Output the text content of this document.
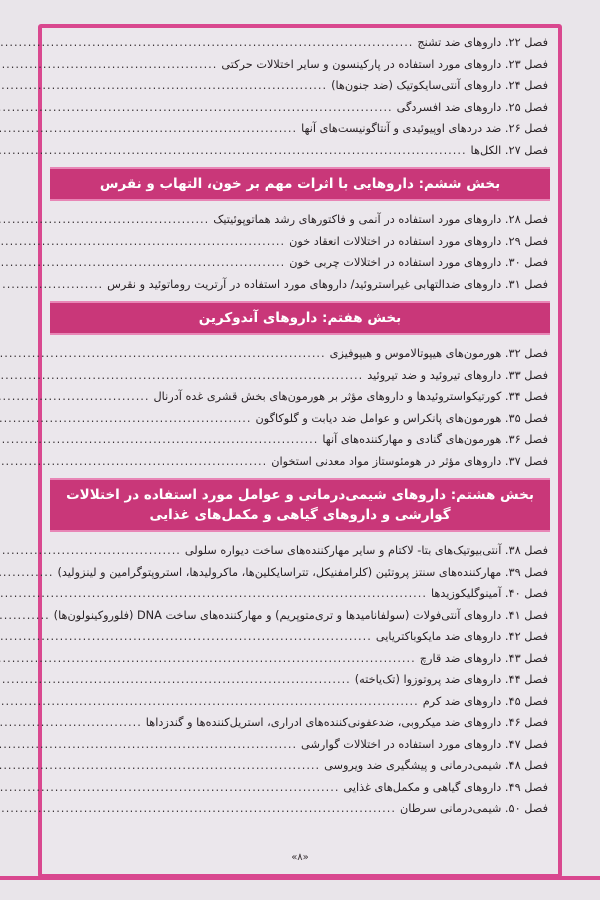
فصل ۲۲. داروهای ضد تشنج
.....
فصل ۲۳. داروهای مورد استفاده در پارکینسون و سایر اختلالات حرکتی
.....
فصل ۲۴. داروهای آنتی‌سایکوتیک (ضد جنون‌ها)
.....
فصل ۲۵. داروهای ضد افسردگی
.....
فصل ۲۶. ضد دردهای اوپیوئیدی و آنتاگونیست‌های آنها
.....
فصل ۲۷. الکل‌ها
.....
بخش ششم: داروهایی با اثرات مهم بر خون، التهاب و نقرس
فصل ۲۸. داروهای مورد استفاده در آنمی و فاکتورهای رشد هماتوپوئیتیک
.....
فصل ۲۹. داروهای مورد استفاده در اختلالات انعقاد خون
.....
فصل ۳۰. داروهای مورد استفاده در اختلالات چربی خون
.....
فصل ۳۱. داروهای ضدالتهابی غیراستروئید/ داروهای مورد استفاده در آرتریت روماتوئید و نقرس
.....
بخش هفتم: داروهای آندوکرین
فصل ۳۲. هورمون‌های هیپوتالاموس و هیپوفیزی
.....
فصل ۳۳. داروهای تیروئید و ضد تیروئید
.....
فصل ۳۴. کورتیکواستروئیدها و داروهای مؤثر بر هورمون‌های بخش قشری غده آدرنال
.....
فصل ۳۵. هورمون‌های پانکراس و عوامل ضد دیابت و گلوکاگون
.....
فصل ۳۶. هورمون‌های گنادی و مهارکننده‌های آنها
.....
فصل ۳۷. داروهای مؤثر در هومئوستاز مواد معدنی استخوان
.....
بخش هشتم: داروهای شیمی‌درمانی و عوامل مورد استفاده در اختلالات گوارشی و داروهای گیاهی و مکمل‌های غذایی
فصل ۳۸. آنتی‌بیوتیک‌های بتا- لاکتام و سایر مهارکننده‌های ساخت دیواره سلولی
.....
فصل ۳۹. مهارکننده‌های سنتز پروتئین (کلرامفنیکل، تتراسایکلین‌ها، ماکرولیدها، استروپتوگرامین و لینزولید)
.....
فصل ۴۰. آمینوگلیکوزیدها
.....
فصل ۴۱. داروهای آنتی‌فولات (سولفانامیدها و تری‌متوپریم) و مهارکننده‌های ساخت DNA (فلوروکینولون‌ها)
.....
فصل ۴۲. داروهای ضد مایکوباکتریایی
.....
فصل ۴۳. داروهای ضد قارچ
.....
فصل ۴۴. داروهای ضد پروتوزوا (تک‌یاخته)
.....
فصل ۴۵. داروهای ضد کرم
.....
فصل ۴۶. داروهای ضد میکروبی، ضدعفونی‌کننده‌های ادراری، استریل‌کننده‌ها و گندزداها
.....
فصل ۴۷. داروهای مورد استفاده در اختلالات گوارشی
.....
فصل ۴۸. شیمی‌درمانی و پیشگیری ضد ویروسی
.....
فصل ۴۹. داروهای گیاهی و مکمل‌های غذایی
.....
فصل ۵۰. شیمی‌درمانی سرطان
.....
«۸»
